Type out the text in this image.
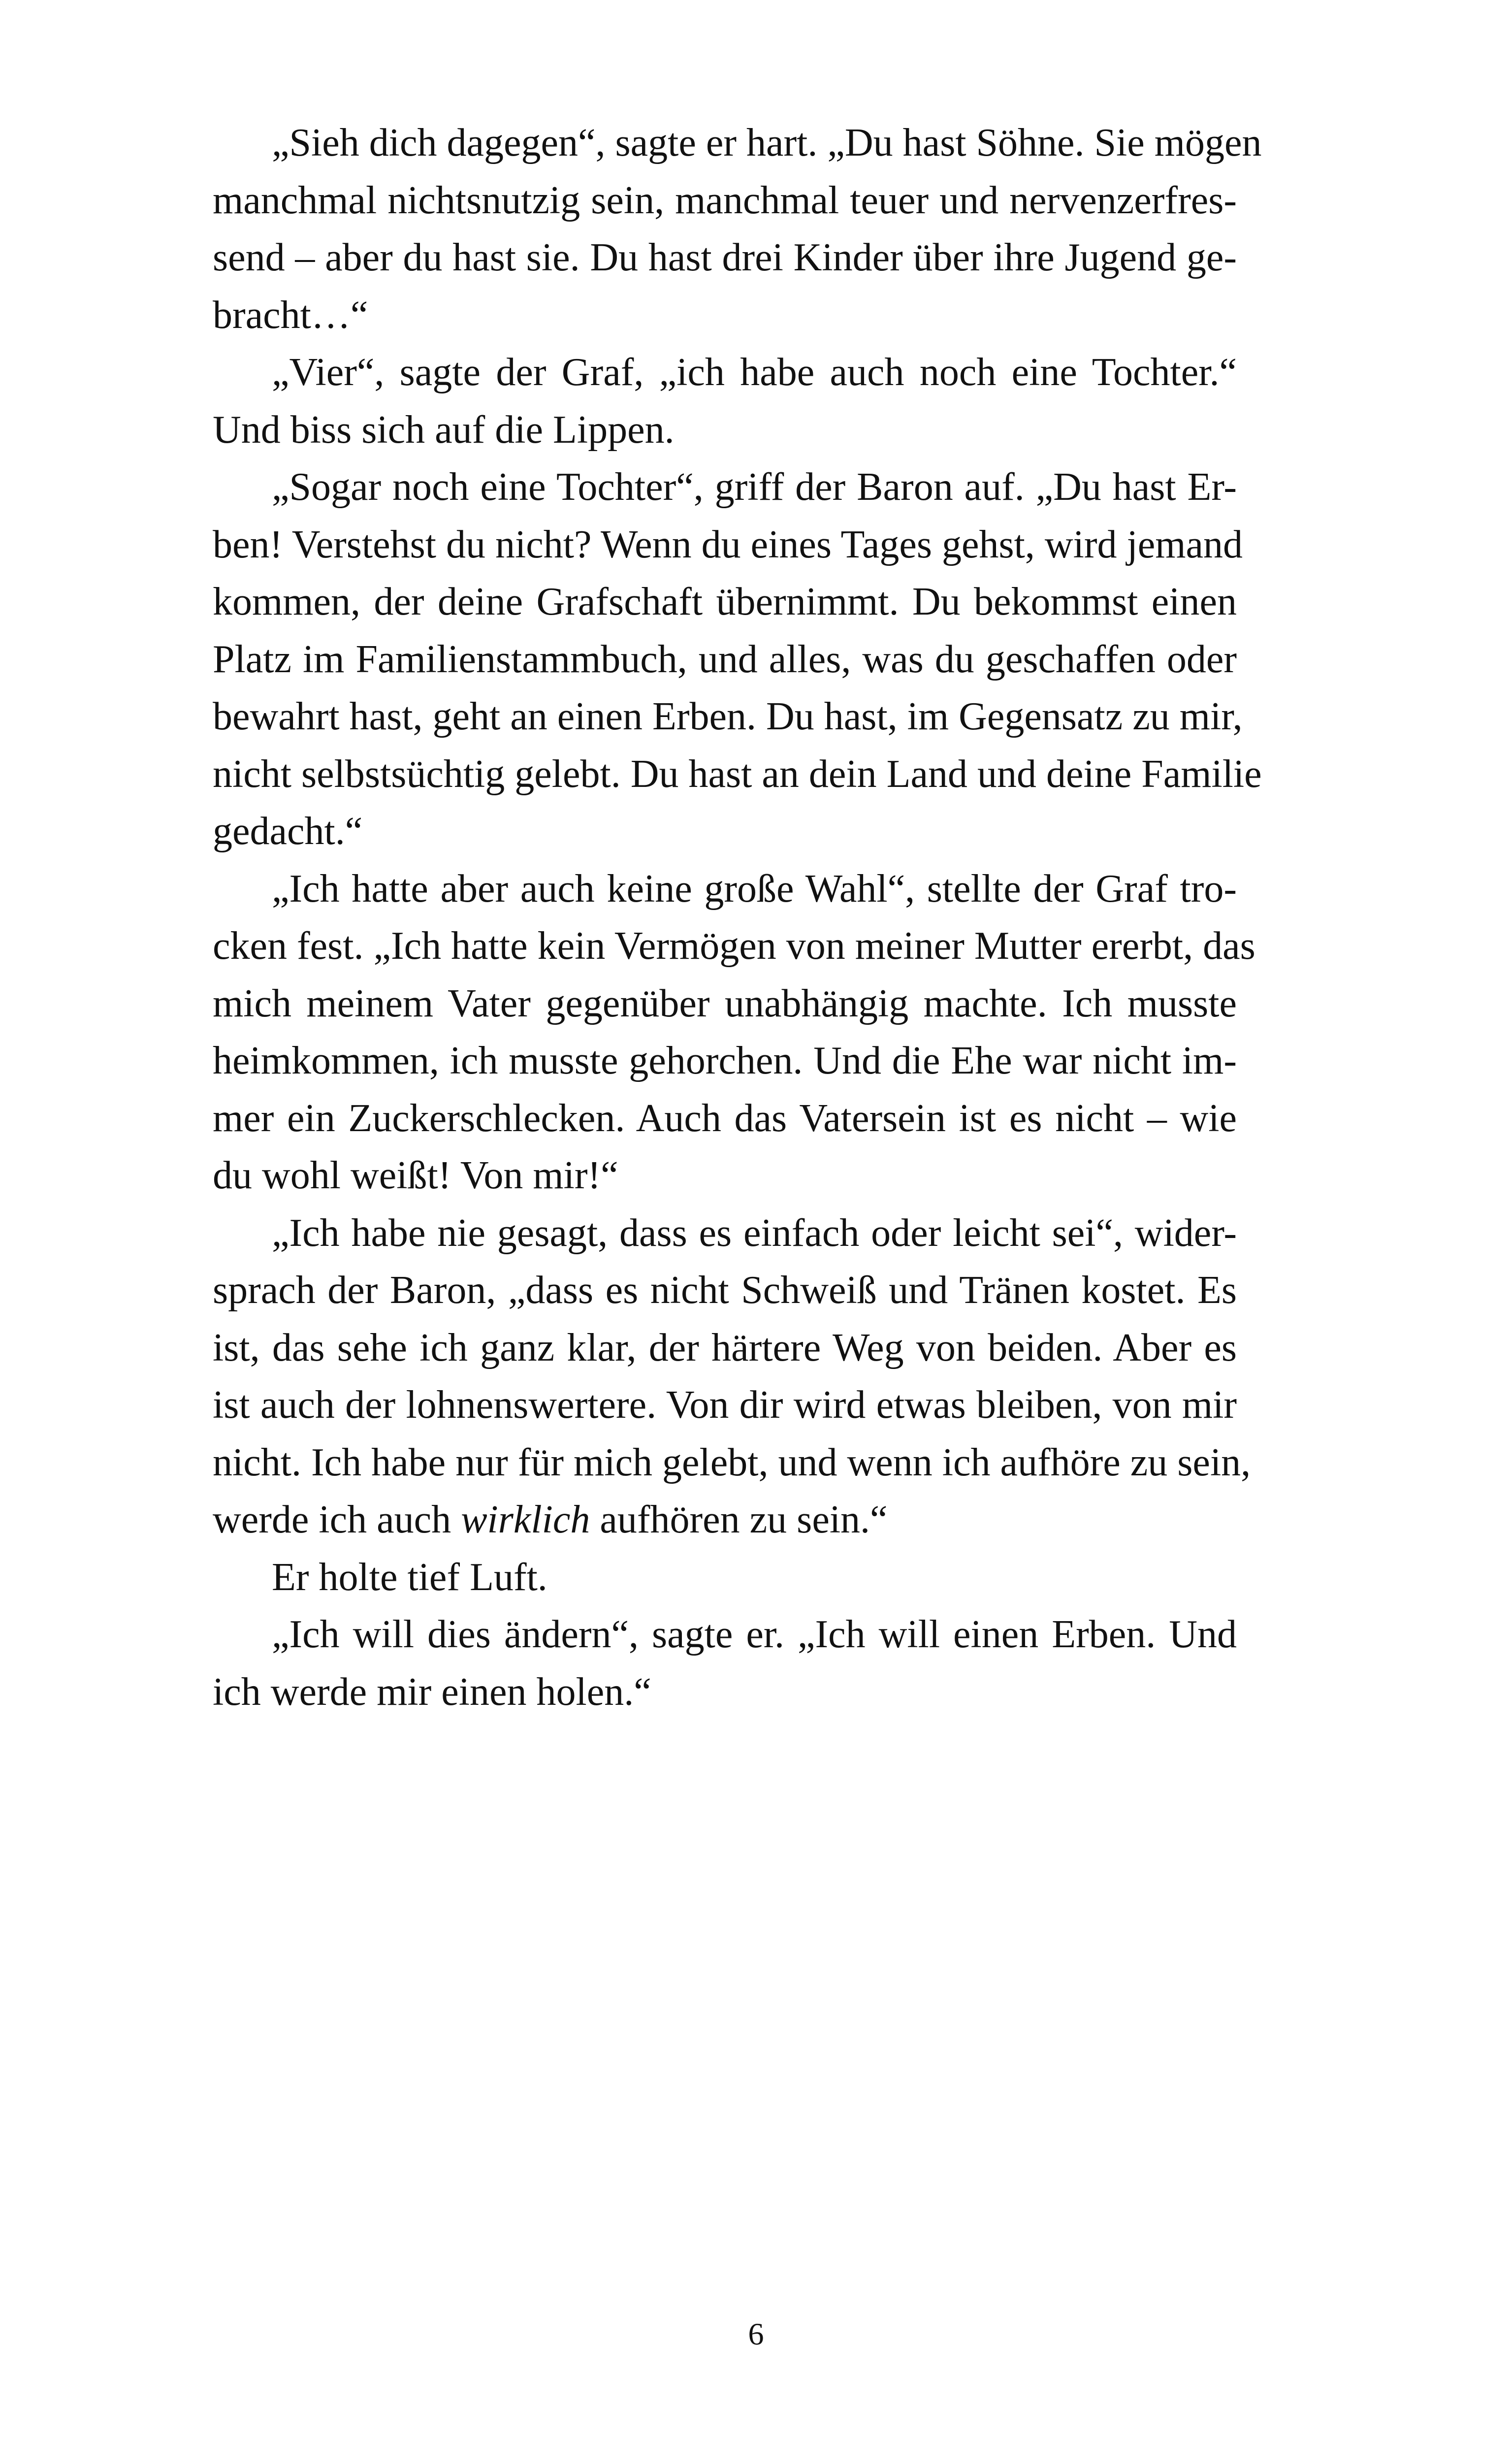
„Sieh dich dagegen“, sagte er hart. „Du hast Söhne. Sie mögen
manchmal nichtsnutzig sein, manchmal teuer und nervenzerfres-
send – aber du hast sie. Du hast drei Kinder über ihre Jugend ge-
bracht…“
„Vier“, sagte der Graf, „ich habe auch noch eine Tochter.“
Und biss sich auf die Lippen.
„Sogar noch eine Tochter“, griff der Baron auf. „Du hast Er-
ben! Verstehst du nicht? Wenn du eines Tages gehst, wird jemand
kommen, der deine Grafschaft übernimmt. Du bekommst einen
Platz im Familienstammbuch, und alles, was du geschaffen oder
bewahrt hast, geht an einen Erben. Du hast, im Gegensatz zu mir,
nicht selbstsüchtig gelebt. Du hast an dein Land und deine Familie
gedacht.“
„Ich hatte aber auch keine große Wahl“, stellte der Graf tro-
cken fest. „Ich hatte kein Vermögen von meiner Mutter ererbt, das
mich meinem Vater gegenüber unabhängig machte. Ich musste
heimkommen, ich musste gehorchen. Und die Ehe war nicht im-
mer ein Zuckerschlecken. Auch das Vatersein ist es nicht – wie
du wohl weißt! Von mir!“
„Ich habe nie gesagt, dass es einfach oder leicht sei“, wider-
sprach der Baron, „dass es nicht Schweiß und Tränen kostet. Es
ist, das sehe ich ganz klar, der härtere Weg von beiden. Aber es
ist auch der lohnenswertere. Von dir wird etwas bleiben, von mir
nicht. Ich habe nur für mich gelebt, und wenn ich aufhöre zu sein,
werde ich auch wirklich aufhören zu sein.“
Er holte tief Luft.
„Ich will dies ändern“, sagte er. „Ich will einen Erben. Und
ich werde mir einen holen.“
6
